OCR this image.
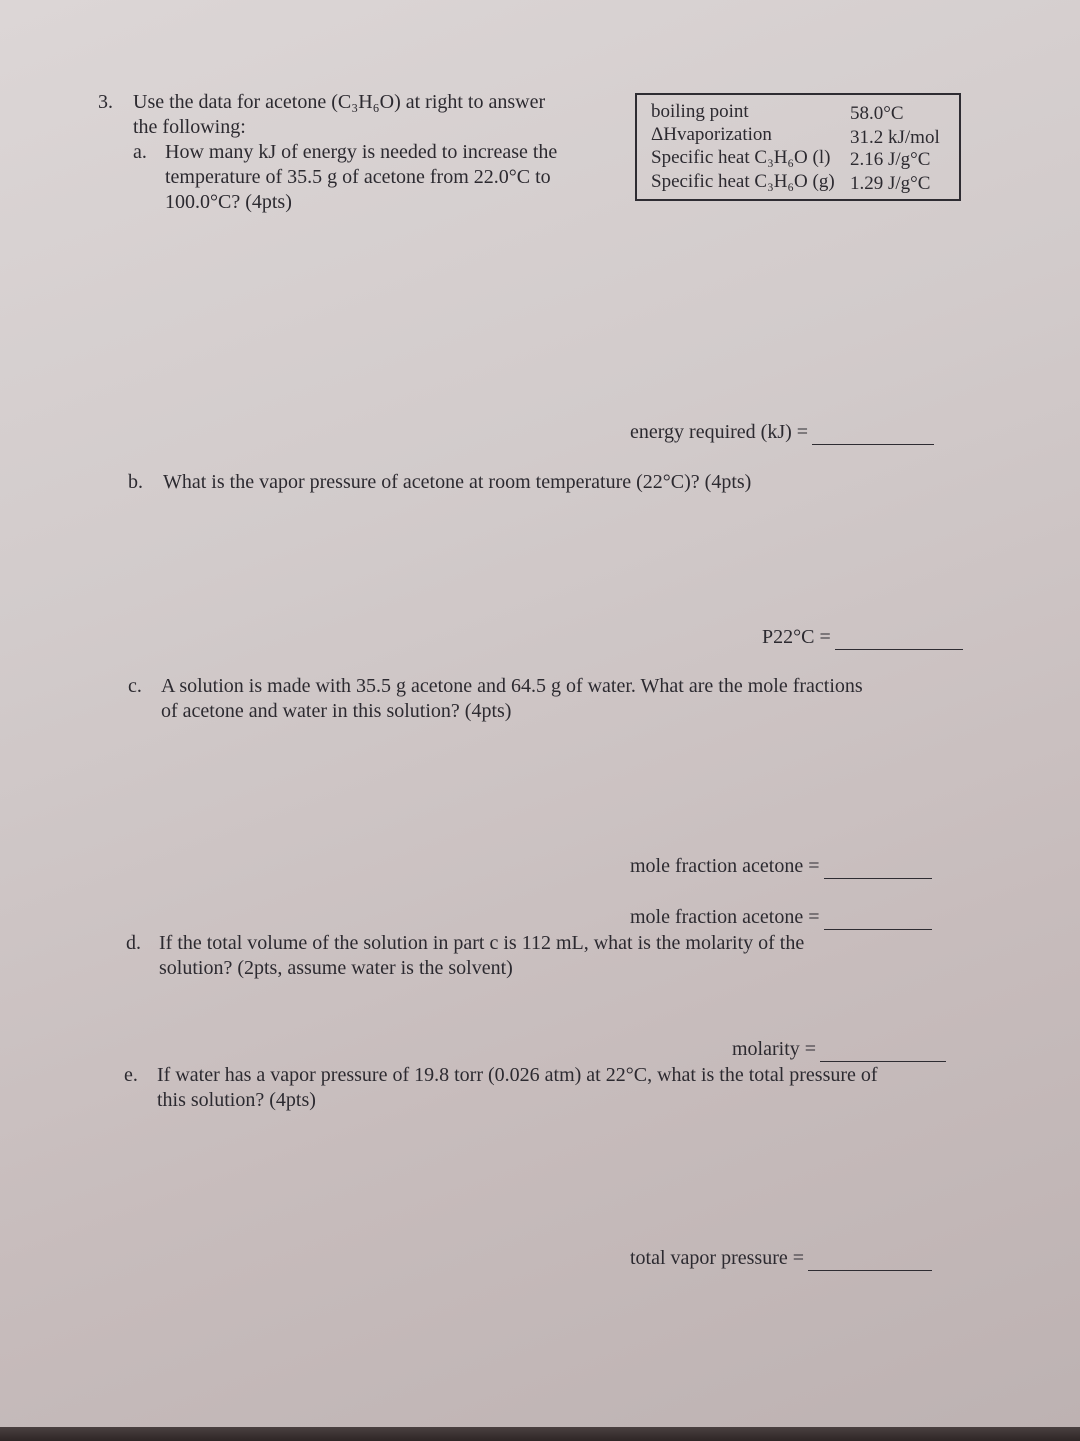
3. Use the data for acetone (C₃H₆O) at right to answer
the following:
a. How many kJ of energy is needed to increase the
temperature of 35.5 g of acetone from 22.0°C to
100.0°C? (4pts)
boiling point	58.0°C
ΔHvaporization	31.2 kJ/mol
Specific heat C₃H₆O (l) 2.16 J/g°C
Specific heat C₃H₆O (g) 1.29 J/g°C
energy required (kJ) =
b. What is the vapor pressure of acetone at room temperature (22°C)? (4pts)
P22°C =
c. A solution is made with 35.5 g acetone and 64.5 g of water. What are the mole fractions
of acetone and water in this solution? (4pts)
mole fraction acetone =
mole fraction acetone =
d. If the total volume of the solution in part c is 112 mL, what is the molarity of the
solution? (2pts, assume water is the solvent)
molarity =
e. If water has a vapor pressure of 19.8 torr (0.026 atm) at 22°C, what is the total pressure of
this solution? (4pts)
total vapor pressure =
